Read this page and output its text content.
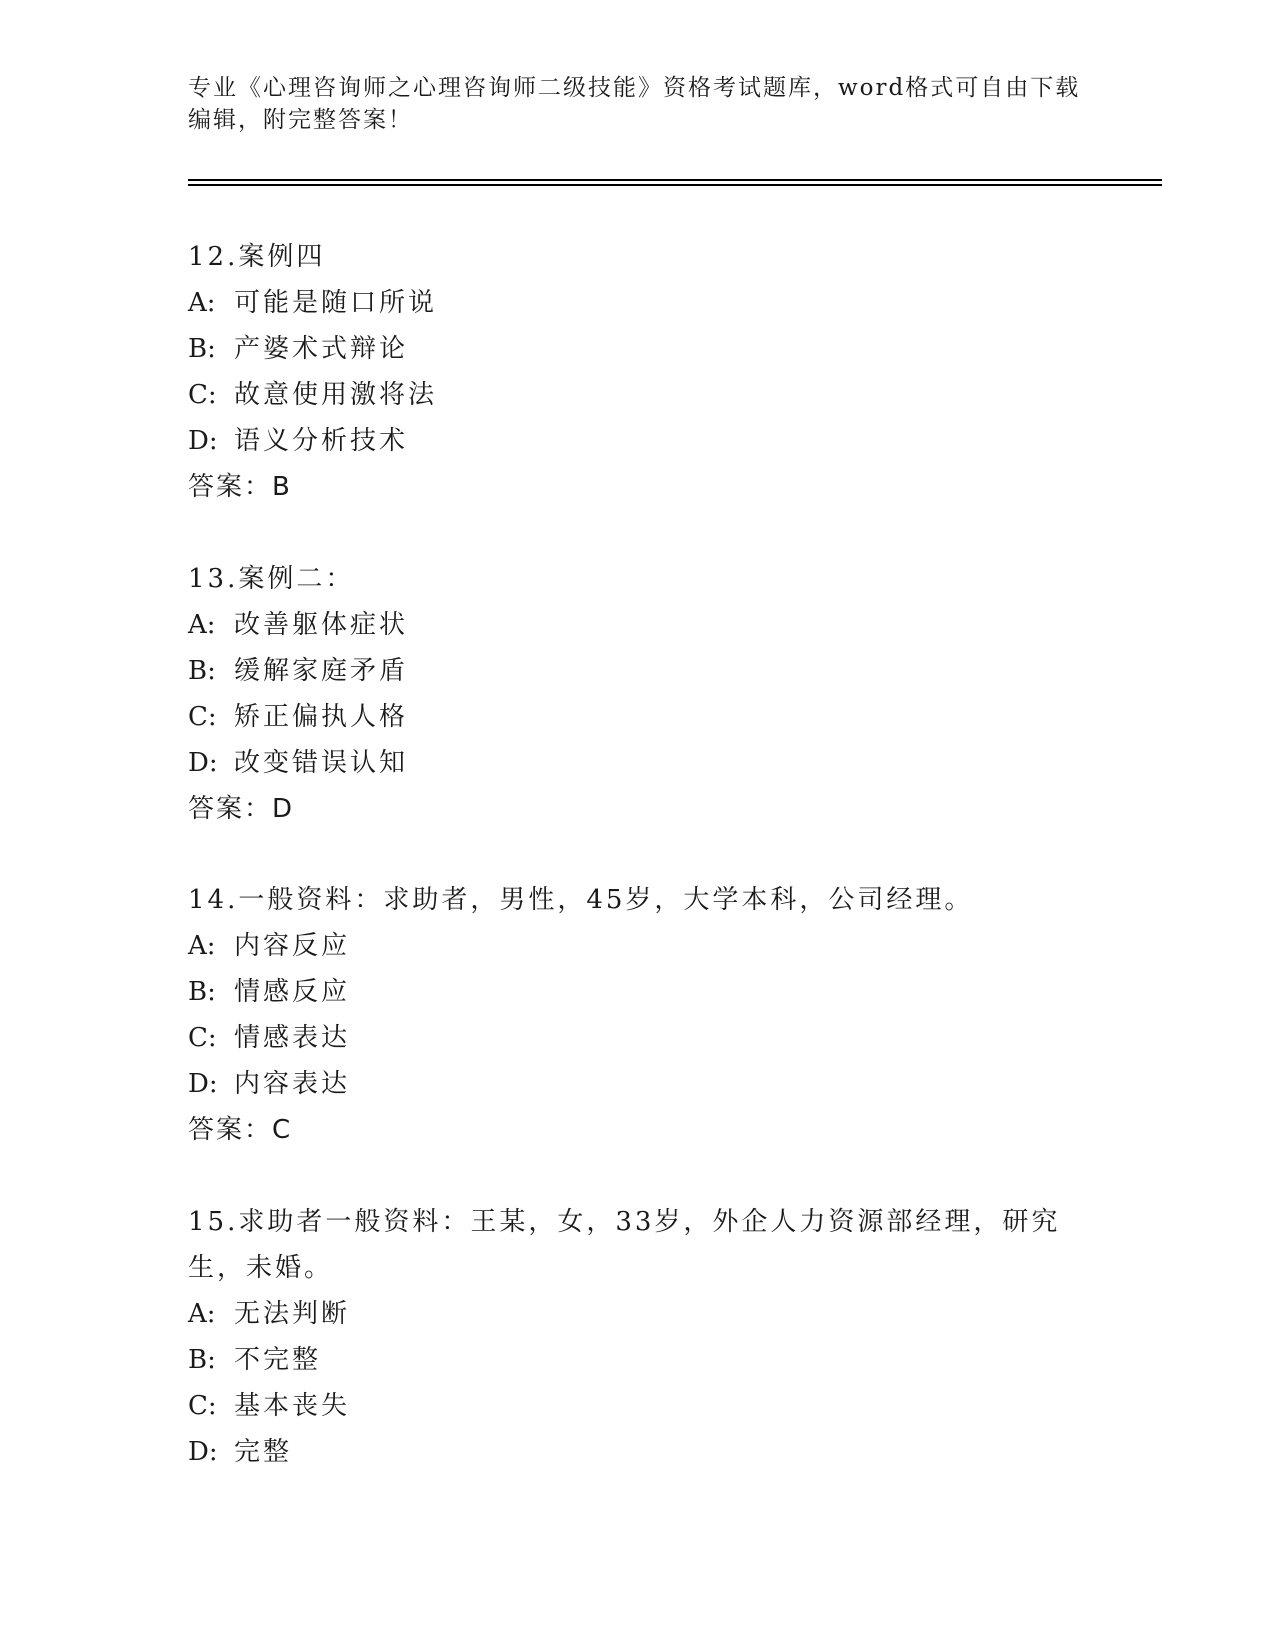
专业《心理咨询师之心理咨询师二级技能》资格考试题库，word格式可自由下载编辑，附完整答案！
12.案例四
A: 可能是随口所说
B: 产婆术式辩论
C: 故意使用激将法
D: 语义分析技术
答案：B
13.案例二：
A: 改善躯体症状
B: 缓解家庭矛盾
C: 矫正偏执人格
D: 改变错误认知
答案：D
14.一般资料：求助者，男性，45岁，大学本科，公司经理。
A: 内容反应
B: 情感反应
C: 情感表达
D: 内容表达
答案：C
15.求助者一般资料：王某，女，33岁，外企人力资源部经理，研究生，未婚。
A: 无法判断
B: 不完整
C: 基本丧失
D: 完整
